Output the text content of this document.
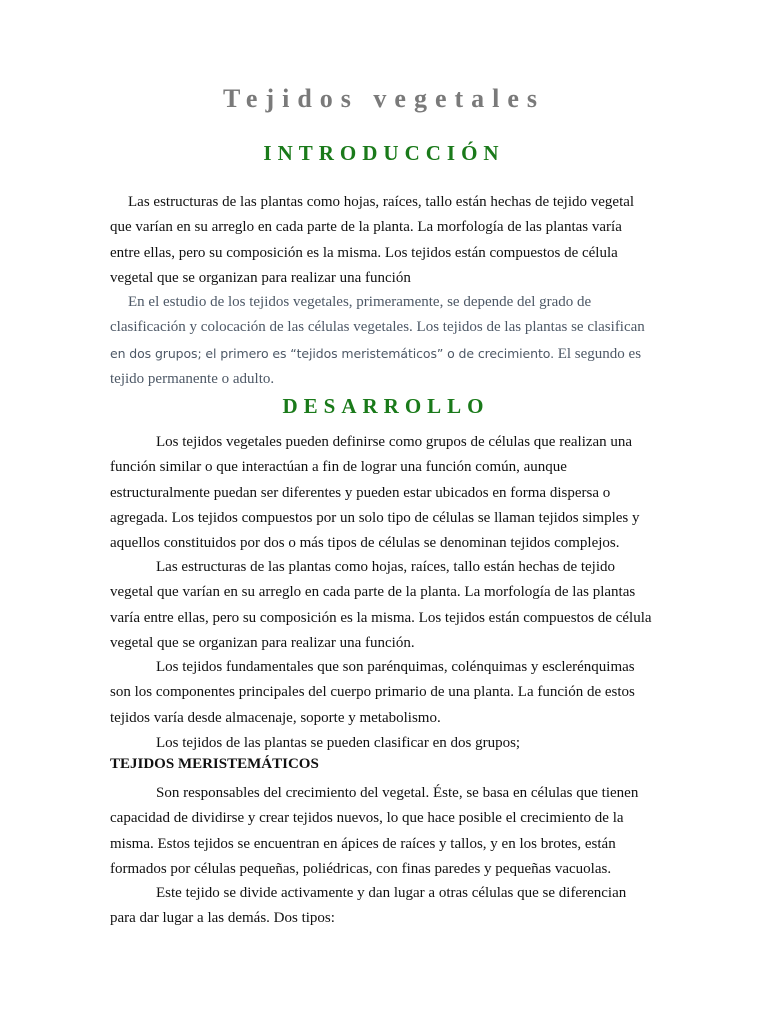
Tejidos vegetales
INTRODUCCIÓN

Las estructuras de las plantas como hojas, raíces, tallo están hechas de tejido vegetal que varían en su arreglo en cada parte de la planta. La morfología de las plantas varía entre ellas, pero su composición es la misma. Los tejidos están compuestos de célula vegetal que se organizan para realizar una función

En el estudio de los tejidos vegetales, primeramente, se depende del grado de clasificación y colocación de las células vegetales. Los tejidos de las plantas se clasifican en dos grupos; el primero es “tejidos meristemáticos” o de crecimiento. El segundo es tejido permanente o adulto.

DESARROLLO

Los tejidos vegetales pueden definirse como grupos de células que realizan una función similar o que interactúan a fin de lograr una función común, aunque estructuralmente puedan ser diferentes y pueden estar ubicados en forma dispersa o agregada. Los tejidos compuestos por un solo tipo de células se llaman tejidos simples y aquellos constituidos por dos o más tipos de células se denominan tejidos complejos.

Las estructuras de las plantas como hojas, raíces, tallo están hechas de tejido vegetal que varían en su arreglo en cada parte de la planta. La morfología de las plantas varía entre ellas, pero su composición es la misma. Los tejidos están compuestos de célula vegetal que se organizan para realizar una función.

Los tejidos fundamentales que son parénquimas, colénquimas y esclerénquimas son los componentes principales del cuerpo primario de una planta. La función de estos tejidos varía desde almacenaje, soporte y metabolismo.

Los tejidos de las plantas se pueden clasificar en dos grupos;

TEJIDOS MERISTEMÁTICOS

Son responsables del crecimiento del vegetal. Éste, se basa en células que tienen capacidad de dividirse y crear tejidos nuevos, lo que hace posible el crecimiento de la misma. Estos tejidos se encuentran en ápices de raíces y tallos, y en los brotes, están formados por células pequeñas, poliédricas, con finas paredes y pequeñas vacuolas.

Este tejido se divide activamente y dan lugar a otras células que se diferencian para dar lugar a las demás. Dos tipos:
